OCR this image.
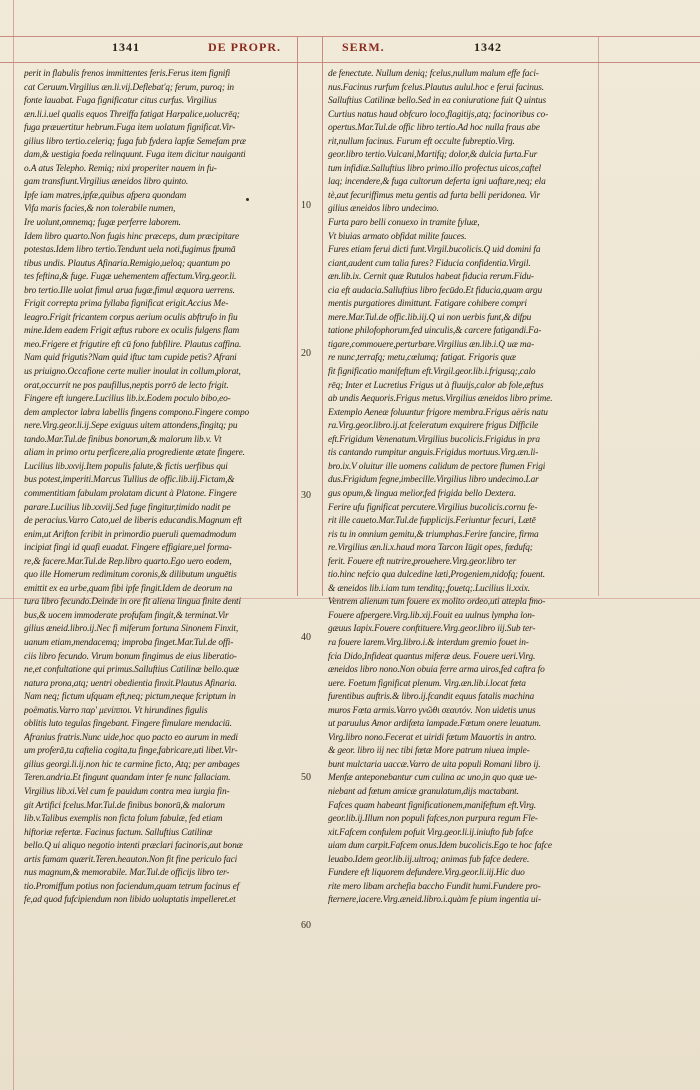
1341	DE PROPR.	SERM.	1342

perit in flabulis frenos immittentes feris.Ferus item fignifi

cat Ceruum.Virgilius æn.li.vij.Deflebat'q; ferum, puroq; in

fonte lauabat. Fuga fignificatur citus curfus. Virgilius

æn.li.i.uel qualis equos Threiffa fatigat Harpalice,uolucrēq;

fuga præuertitur hebrum.Fuga item uolatum fignificat.Vir-

gilius libro tertio.celeriq; fuga fub fydera lapfæ Semefam præ

dam,& uestigia foeda relinquunt. Fuga item dicitur nauiganti

o.A atus Telepho. Remiq; nixi properiter nauem in fu-

gam transfiunt.Virgilius æneidos libro quinto.

Ipfe iam matres,ipfæ,quibus afpera quondam

Vifa maris facies,& non tolerabile numen,

Ire uolunt,omnemq; fugæ perferre laborem.

Idem libro quarto.Non fugis hinc præceps, dum præcipitare

potestas.Idem libro tertio.Tendunt uela noti,fugimus fpumā

tibus undis. Plautus Afinaria.Remigio,ueloq; quantum po

tes feftina,& fuge. Fugæ uehementem affectum.Virg.geor.li.

bro tertio.Ille uolat fimul arua fugæ,fimul æquora uerrens.

Frigit correpta prima fyllaba fignificat erigit.Accius Me-

leagro.Frigit fricantem corpus aerium oculis abftrufo in fiu

mine.Idem eadem Frigit æftus rubore ex oculis fulgens flam

meo.Frigere et frigutire eft cū fono fubfilire. Plautus caffina.

Nam quid frigutis?Nam quid iftuc tam cupide petis? Afrani

us priuigno.Occafione certe mulier inoulat in collum,plorat,

orat,occurrit ne pos paufillus,neptis porrō de lecto frigit.

Fingere eft iungere.Lucilius lib.ix.Eodem poculo bibo,eo-

dem amplector labra labellis fingens compono.Fingere compo

nere.Virg.geor.li.ij.Sepe exiguus uitem attondens,fingitq; pu

tando.Mar.Tul.de finibus bonorum,& malorum lib.v. Vt

aliam in primo ortu perficere,alia progrediente ætate fingere.

Lucilius lib.xxvij.Item populis falute,& fictis uerfibus qui

bus potest,imperiti.Marcus Tullius de offic.lib.iij.Fictam,&

commentitiam fabulam prolatam dicunt à Platone. Fingere

parare.Lucilius lib.xxviij.Sed fuge fingitur,timido nadit pe

de peracius.Varro Cato,uel de liberis educandis.Magnum eft

enim,ut Arifton fcribit in primordio pueruli quemadmodum

incipiat fingi id quafi euadat. Fingere effigiare,uel forma-

re,& facere.Mar.Tul.de Rep.libro quarto.Ego uero eodem,

quo ille Homerum redimitum coronis,& dilibutum unguētis

emittit ex ea urbe,quam fibi ipfe fingit.Idem de deorum na

tura libro fecundo.Deinde in ore fit aliena lingua finite denti

bus,& uocem immoderate profufam fingit,& terminat.Vir

gilius æneid.libro.ij.Nec fi miferum fortuna Sinonem Finxit,

uanum etiam,mendacemq; improba finget.Mar.Tul.de offi-

ciis libro fecundo. Virum bonum fingimus de eius liberatio-

ne,et confultatione qui primus.Salluftius Catilinæ bello.quæ

natura prona,atq; uentri obedientia finxit.Plautus Afinaria.

Nam neq; fictum ufquam eft,neq; pictum,neque fcriptum in

poëmatis.Varro παρ' μενίπποι. Vt hirundines figulis

oblitis luto tegulas fingebant. Fingere fimulare mendaciū.

Afranius fratris.Nunc uide,hoc quo pacto eo aurum in medi

um proferā,tu caftelia cogita,tu finge,fabricare,uti libet.Vir-

gilius georgi.li.ij.non hic te carmine ficto, Atq; per ambages

Teren.andria.Et fingunt quandam inter fe nunc fallaciam.

Virgilius lib.xi.Vel cum fe pauidum contra mea iurgia fin-

git Artifici fcelus.Mar.Tul.de finibus bonorū,& malorum

lib.v.Talibus exemplis non ficta folum fabulæ, fed etiam

hiftoriæ refertæ. Facinus factum. Salluftius Catilinæ

bello.Q ui aliquo negotio intenti præclari facinoris,aut bonæ

artis famam quærit.Teren.heauton.Non fit fine periculo faci

nus magnum,& memorabile. Mar.Tul.de officijs libro ter-

tio.Promiffum potius non faciendum,quam tetrum facinus ef

fe,ad quod fufcipiendum non libido uoluptatis impelleret.et

de fenectute. Nullum deniq; fcelus,nullum malum effe faci-

nus.Facinus rurfum fcelus.Plautus aulul.hoc e ferui facinus.

Salluftius Catilinæ bello.Sed in ea coniuratione fuit Q uintus

Curtius natus haud obfcuro loco,flagitijs,atq; facinoribus co-

opertus.Mar.Tul.de offic libro tertio.Ad hoc nulla fraus abe

rit,nullum facinus. Furum eft occulte fubreptio.Virg.

geor.libro tertio.Vulcani,Martifq; dolor,& dulcia furta.Fur

tum infidiæ.Salluftius libro primo.illo profectus uicos,caftel

laq; incendere,& fuga cultorum deferta igni uaftare,neq; ela

tè,aut fecuriffimus metu gentis ad furta belli peridonea. Vir

gilius æneidos libro undecimo.

Furta paro belli conuexo in tramite fyluæ,

Vt biuias armato obfidat milite fauces.

Fures etiam ferui dicti funt.Virgil.bucolicis.Q uid domini fa

ciant,audent cum talia fures? Fiducia confidentia.Virgil.

æn.lib.ix. Cernit quæ Rutulos habeat fiducia rerum.Fidu-

cia eft audacia.Salluftius libro fecūdo.Et fiducia,quam argu

mentis purgatiores dimittunt. Fatigare cohibere compri

mere.Mar.Tul.de offic.lib.iij.Q ui non uerbis funt,& difpu

tatione philofophorum,fed uinculis,& carcere fatigandi.Fa-

tigare,commouere,perturbare.Virgilius æn.lib.i.Q uæ ma-

re nunc,terrafq; metu,cœlumq; fatigat. Frigoris quæ

fit fignificatio manifeftum eft.Virgil.geor.lib.i.frigusq;,calo

rēq; Inter et Lucretius Frigus ut à fluuijs,calor ab fole,æftus

ab undis Aequoris.Frigus metus.Virgilius æneidos libro prime.

Extemplo Aeneæ foluuntur frigore membra.Frigus aëris natu

ra.Virg.geor.libro.ij.at fceleratum exquirere frigus Difficile

eft.Frigidum Venenatum.Virgilius bucolicis.Frigidus in pra

tis cantando rumpitur anguis.Frigidus mortuus.Virg.æn.li-

bro.ix.V oluitur ille uomens calidum de pectore flumen Frigi

dus.Frigidum fegne,imbecille.Virgilius libro undecimo.Lar

gus opum,& lingua melior,fed frigida bello Dextera.

Ferire ufu fignificat percutere.Virgilius bucolicis.cornu fe-

rit ille caueto.Mar.Tul.de fupplicijs.Feriuntur fecuri, Lætē

ris tu in omnium gemitu,& triumphas.Ferire fancire, firma

re.Virgilius æn.li.x.haud mora Tarcon Iūgit opes, fœdufq;

ferit. Fouere eft nutrire,prouehere.Virg.geor.libro ter

tio.hinc nefcio qua dulcedine læti,Progeniem,nidofq; fouent.

& æneidos lib.i.iam tum tenditq;,fouetq;.Lucilius li.xxix.

Ventrem alienum tum fouere ex molito ordeo,uti attepla fmo-

Fouere afpergere.Virg.lib.xij.Fouit ea uulnus lympha lon-

gæuus Iapix.Fouere conftituere.Virg.geor.libro iij.Sub ter-

ra fouere larem.Virg.libro.i.& interdum gremio fouet in-

fcia Dido,Infideat quantus miferæ deus. Fouere ueri.Virg.

æneidos libro nono.Non obuia ferre arma uiros,fed caftra fo

uere. Foetum fignificat plenum. Virg.æn.lib.i.locat fœta

furentibus auftris.& libro.ij.fcandit equus fatalis machina

muros Fœta armis.Varro γνῶθι σεαυτόν. Non uidetis unus

ut paruulus Amor ardifœta lampade.Fœtum onere leuatum.

Virg.libro nono.Fecerat et uiridi fœtum Mauortis in antro.

& geor. libro iij nec tibi fœtæ More patrum niuea imple-

bunt mulctaria uaccæ.Varro de uita populi Romani libro ij.

Menfæ anteponebantur cum culina ac uno,in quo quæ ue-

niebant ad fœtum amicæ granulatum,dijs mactabant.

Fafces quam habeant fignificationem,manifeftum eft.Virg.

geor.lib.ij.Illum non populi fafces,non purpura regum Fle-

xit.Fafcem confulem pofuit Virg.geor.li.ij.iniufto fub fafce

uiam dum carpit.Fafcem onus.Idem bucolicis.Ego te hoc fafce

leuabo.Idem geor.lib.iij.ultroq; animas fub fafce dedere.

Fundere eft liquorem defundere.Virg.geor.li.iij.Hic duo

rite mero libam archefia baccho Fundit humi.Fundere pro-

fternere,iacere.Virg.æneid.libro.i.quàm fe pium ingentia ui-

10
20
30
40
50
60
